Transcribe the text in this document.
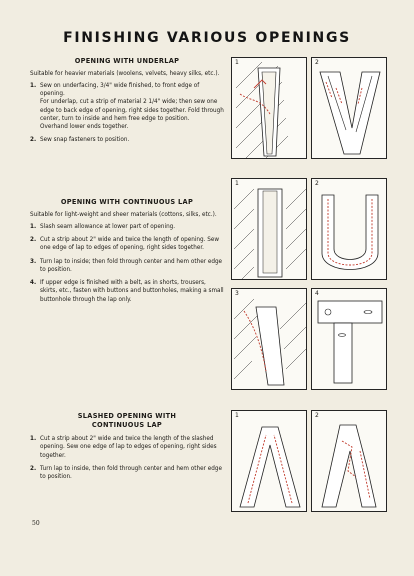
FINISHING VARIOUS OPENINGS
OPENING WITH UNDERLAP

Suitable for heavier materials (woolens, velvets, heavy silks, etc.).

1. Sew on underfacing, 3/4" wide finished, to front edge of opening.
For underlap, cut a strip of material 2 1/4" wide; then sew one edge to back edge of opening, right sides together. Fold through center, turn to inside and hem free edge to position.
Overhand lower ends together.
2. Sew snap fasteners to position.
OPENING WITH CONTINUOUS LAP

Suitable for light-weight and sheer materials (cottons, silks, etc.).

1. Slash seam allowance at lower part of opening.
2. Cut a strip about 2" wide and twice the length of opening. Sew one edge of lap to edges of opening, right sides together.
3. Turn lap to inside; then fold through center and hem other edge to position.
4. If upper edge is finished with a belt, as in shorts, trousers, skirts, etc., fasten with buttons and buttonholes, making a small buttonhole through the lap only.
SLASHED OPENING WITH
CONTINUOUS LAP
1. Cut a strip about 2" wide and twice the length of the slashed opening. Sew one edge of lap to edges of opening, right sides together.
2. Turn lap to inside, then fold through center and hem other edge to position.
1	2
1	2
3	4
1	2
50
